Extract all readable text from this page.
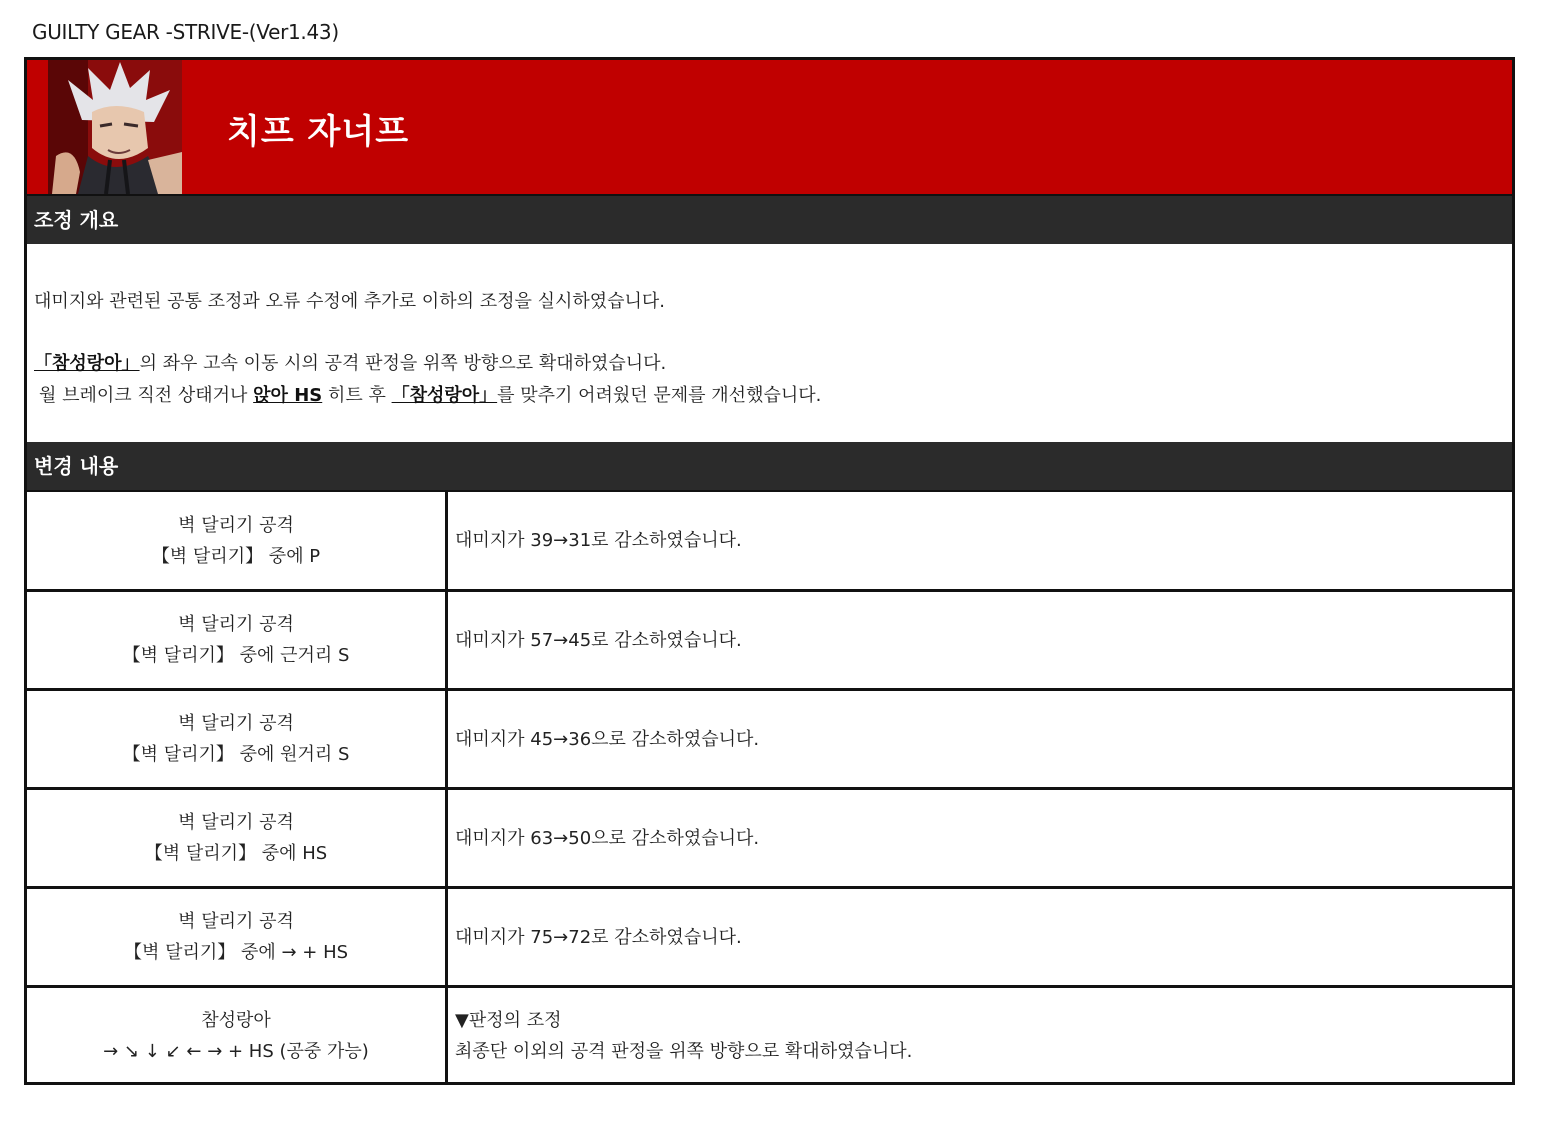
GUILTY GEAR -STRIVE-(Ver1.43)
치프 자너프
조정 개요
대미지와 관련된 공통 조정과 오류 수정에 추가로 이하의 조정을 실시하였습니다.
「참성랑아」의 좌우 고속 이동 시의 공격 판정을 위쪽 방향으로 확대하였습니다.
월 브레이크 직전 상태거나 앉아 HS 히트 후 「참성랑아」를 맞추기 어려웠던 문제를 개선했습니다.
변경 내용
벽 달리기 공격
【벽 달리기】 중에 P
대미지가 39→31로 감소하였습니다.
벽 달리기 공격
【벽 달리기】 중에 근거리 S
대미지가 57→45로 감소하였습니다.
벽 달리기 공격
【벽 달리기】 중에 원거리 S
대미지가 45→36으로 감소하였습니다.
벽 달리기 공격
【벽 달리기】 중에 HS
대미지가 63→50으로 감소하였습니다.
벽 달리기 공격
【벽 달리기】 중에 → + HS
대미지가 75→72로 감소하였습니다.
참성랑아
→ ↘ ↓ ↙ ← → + HS (공중 가능)
▼판정의 조정
최종단 이외의 공격 판정을 위쪽 방향으로 확대하였습니다.
